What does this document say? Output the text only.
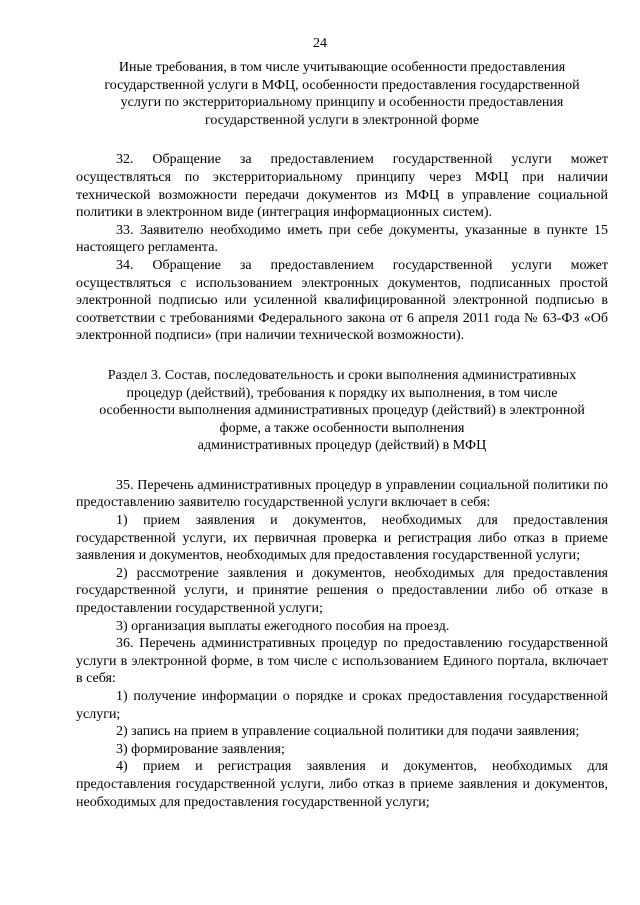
24
Иные требования, в том числе учитывающие особенности предоставления
государственной услуги в МФЦ, особенности предоставления государственной
услуги по экстерриториальному принципу и особенности предоставления
государственной услуги в электронной форме

32. Обращение за предоставлением государственной услуги может осуществляться по экстерриториальному принципу через МФЦ при наличии технической возможности передачи документов из МФЦ в управление социальной политики в электронном виде (интеграция информационных систем).

33. Заявителю необходимо иметь при себе документы, указанные в пункте 15 настоящего регламента.

34. Обращение за предоставлением государственной услуги может осуществляться с использованием электронных документов, подписанных простой электронной подписью или усиленной квалифицированной электронной подписью в соответствии с требованиями Федерального закона от 6 апреля 2011 года № 63-ФЗ «Об электронной подписи» (при наличии технической возможности).

Раздел 3. Состав, последовательность и сроки выполнения административных
процедур (действий), требования к порядку их выполнения, в том числе
особенности выполнения административных процедур (действий) в электронной
форме, а также особенности выполнения
административных процедур (действий) в МФЦ

35. Перечень административных процедур в управлении социальной политики по предоставлению заявителю государственной услуги включает в себя:

1) прием заявления и документов, необходимых для предоставления государственной услуги, их первичная проверка и регистрация либо отказ в приеме заявления и документов, необходимых для предоставления государственной услуги;

2) рассмотрение заявления и документов, необходимых для предоставления государственной услуги, и принятие решения о предоставлении либо об отказе в предоставлении государственной услуги;

3) организация выплаты ежегодного пособия на проезд.

36. Перечень административных процедур по предоставлению государственной услуги в электронной форме, в том числе с использованием Единого портала, включает в себя:

1) получение информации о порядке и сроках предоставления государственной услуги;

2) запись на прием в управление социальной политики для подачи заявления;

3) формирование заявления;

4) прием и регистрация заявления и документов, необходимых для предоставления государственной услуги, либо отказ в приеме заявления и документов, необходимых для предоставления государственной услуги;
